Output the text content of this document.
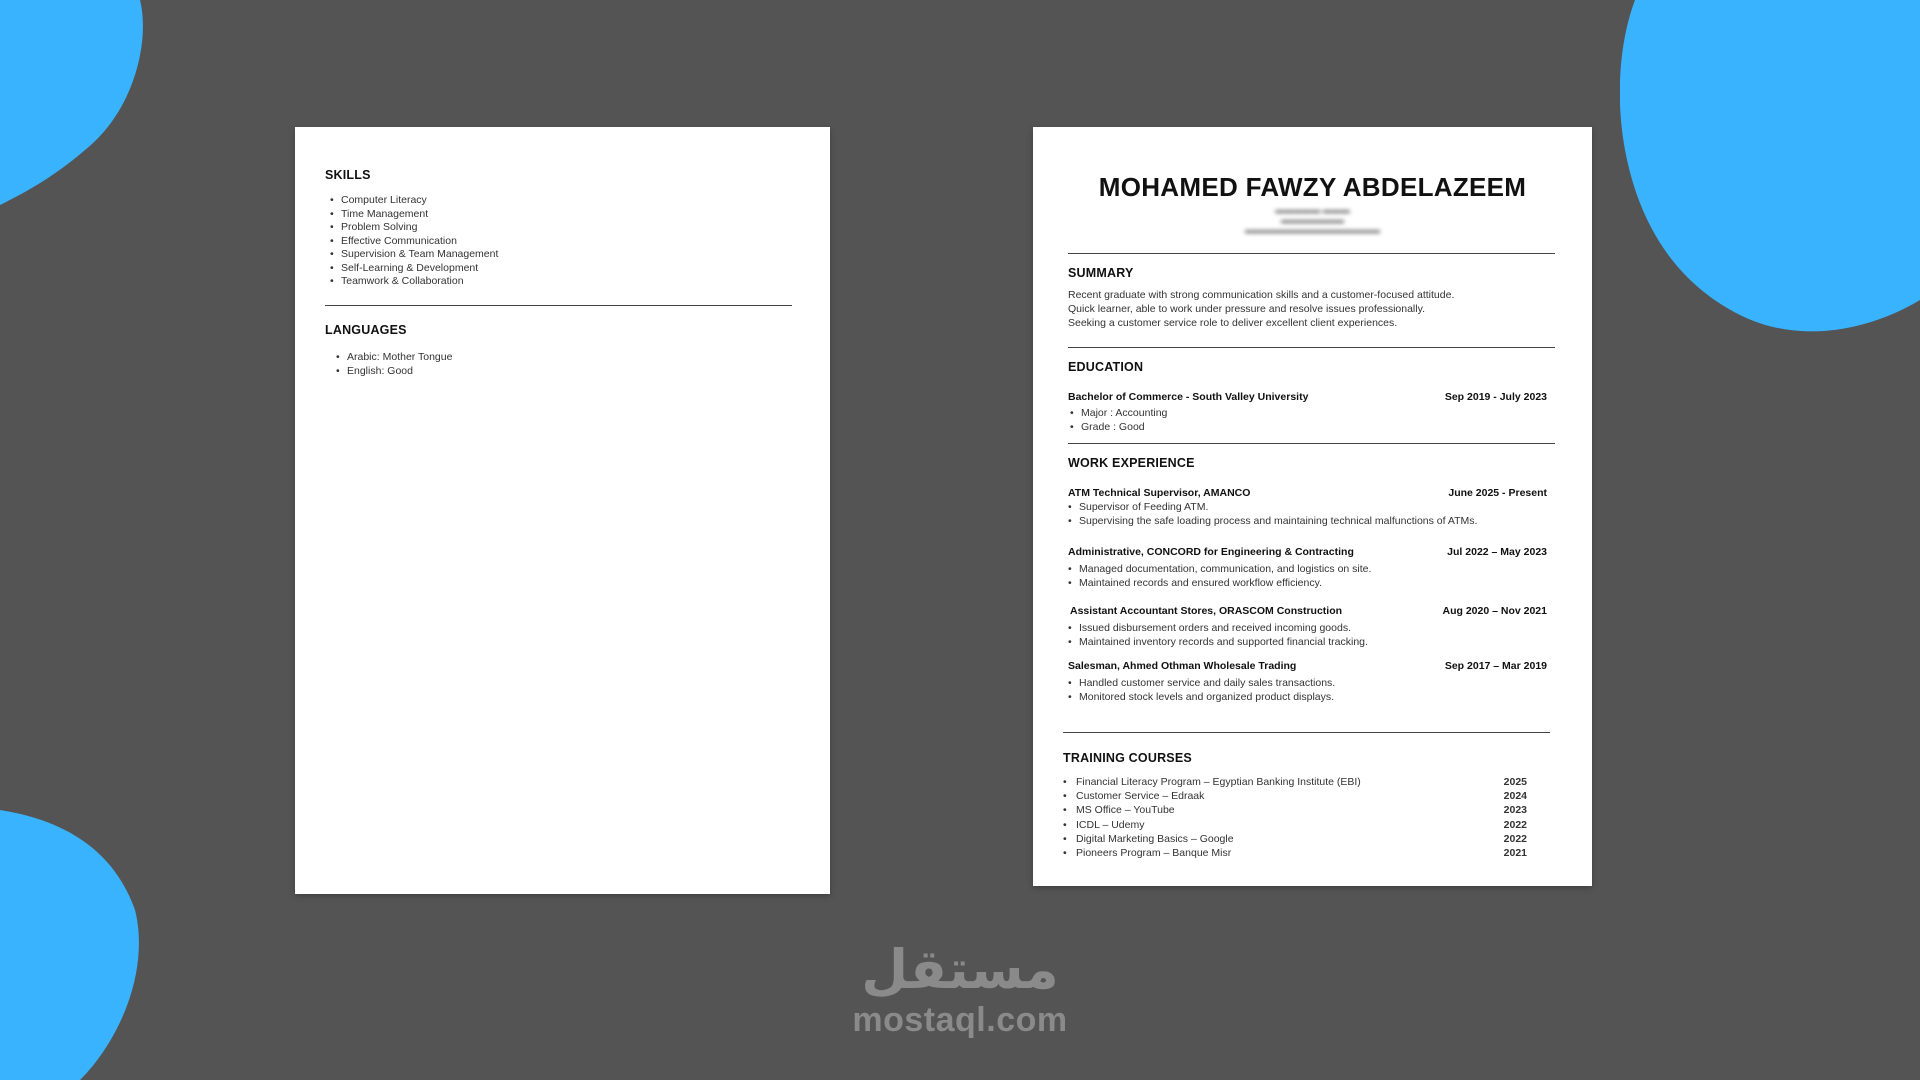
SKILLS
• Computer Literacy
• Time Management
• Problem Solving
• Effective Communication
• Supervision & Team Management
• Self-Learning & Development
• Teamwork & Collaboration
LANGUAGES
• Arabic: Mother Tongue
• English: Good
MOHAMED FAWZY ABDELAZEEM
▬▬▬▬▬ ▬▬▬
▬▬▬▬▬▬▬
▬▬▬▬▬▬▬▬▬▬▬▬▬▬▬
SUMMARY
Recent graduate with strong communication skills and a customer-focused attitude.
Quick learner, able to work under pressure and resolve issues professionally.
Seeking a customer service role to deliver excellent client experiences.
EDUCATION
Bachelor of Commerce - South Valley University	Sep 2019 - July 2023
• Major : Accounting
• Grade : Good
WORK EXPERIENCE
ATM Technical Supervisor, AMANCO	June 2025 - Present
• Supervisor of Feeding ATM.
• Supervising the safe loading process and maintaining technical malfunctions of ATMs.
Administrative, CONCORD for Engineering & Contracting	Jul 2022 – May 2023
• Managed documentation, communication, and logistics on site.
• Maintained records and ensured workflow efficiency.
Assistant Accountant Stores, ORASCOM Construction	Aug 2020 – Nov 2021
• Issued disbursement orders and received incoming goods.
• Maintained inventory records and supported financial tracking.
Salesman, Ahmed Othman Wholesale Trading	Sep 2017 – Mar 2019
• Handled customer service and daily sales transactions.
• Monitored stock levels and organized product displays.
TRAINING COURSES
• Financial Literacy Program – Egyptian Banking Institute (EBI)	2025
• Customer Service – Edraak	2024
• MS Office – YouTube	2023
• ICDL – Udemy	2022
• Digital Marketing Basics – Google	2022
• Pioneers Program – Banque Misr	2021
مستقل
mostaql.com
